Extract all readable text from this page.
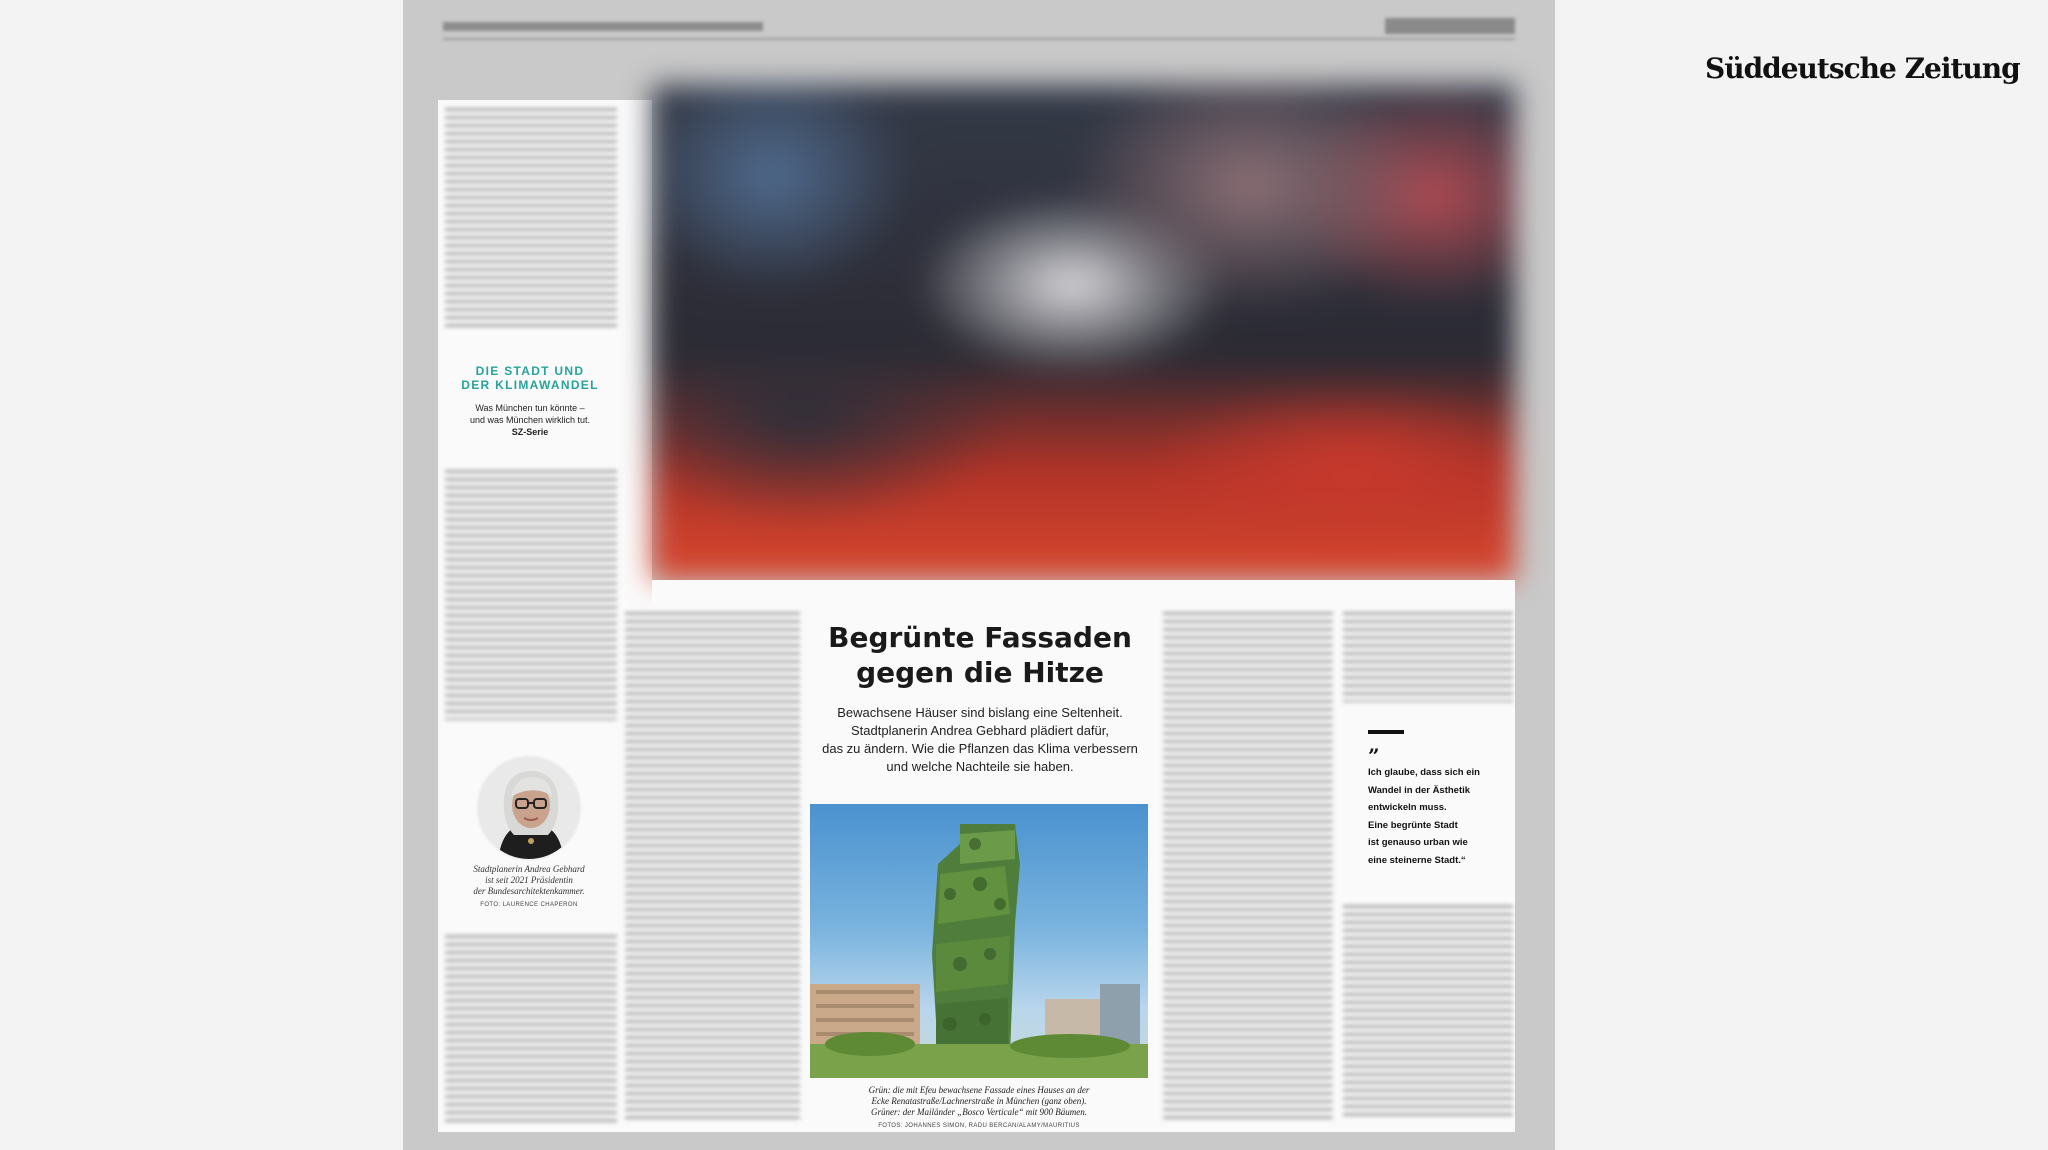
DIE STADT UND
DER KLIMAWANDEL
Was München tun könnte –
und was München wirklich tut.
SZ-Serie
Stadtplanerin Andrea Gebhard
ist seit 2021 Präsidentin
der Bundesarchitektenkammer.
FOTO: LAURENCE CHAPERON
Begrünte Fassaden
gegen die Hitze

Bewachsene Häuser sind bislang eine Seltenheit.
Stadtplanerin Andrea Gebhard plädiert dafür,
das zu ändern. Wie die Pflanzen das Klima verbessern
und welche Nachteile sie haben.

Grün: die mit Efeu bewachsene Fassade eines Hauses an der
Ecke Renatastraße/Lachnerstraße in München (ganz oben).
Grüner: der Mailänder „Bosco Verticale“ mit 900 Bäumen.
FOTOS: JOHANNES SIMON, RADU BERCAN/ALAMY/MAURITIUS
”
Ich glaube, dass sich ein
Wandel in der Ästhetik
entwickeln muss.
Eine begrünte Stadt
ist genauso urban wie
eine steinerne Stadt.“
Süddeutsche Zeitung
